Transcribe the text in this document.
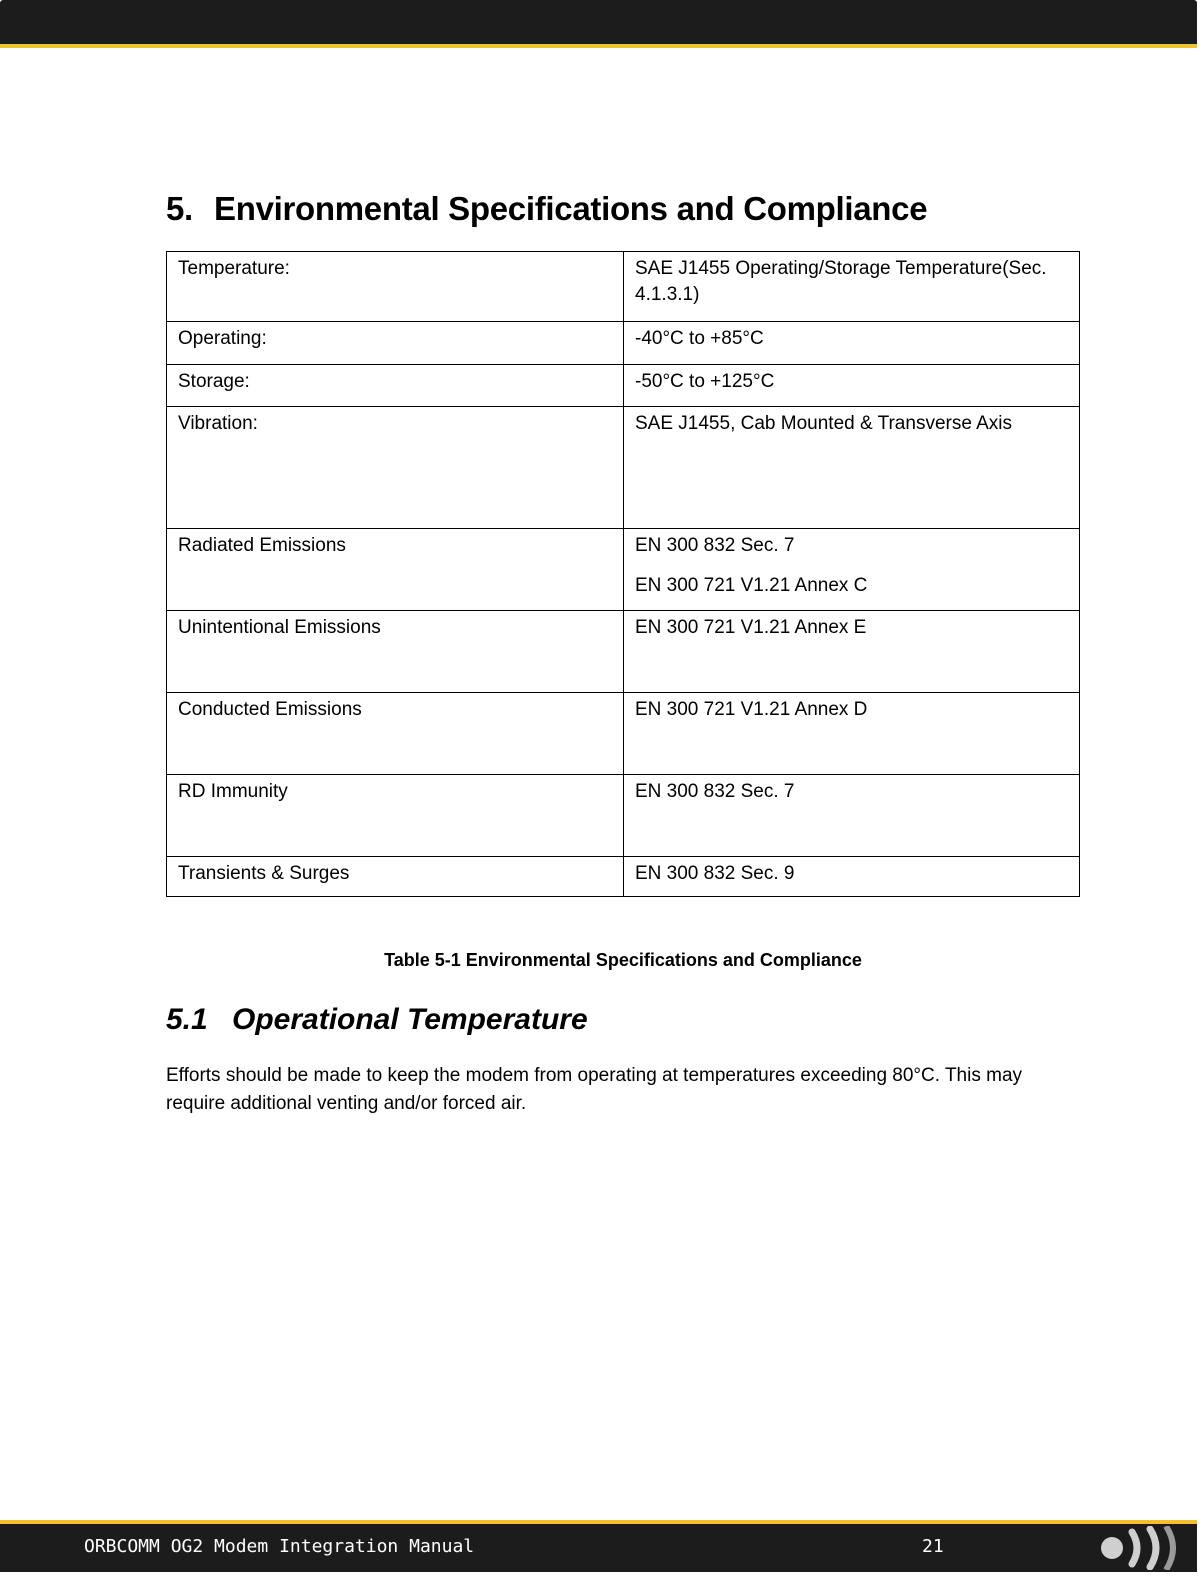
5. Environmental Specifications and Compliance
Temperature:	SAE J1455 Operating/Storage Temperature(Sec. 4.1.3.1)

Operating:	-40°C to +85°C

Storage:	-50°C to +125°C

Vibration:	SAE J1455, Cab Mounted & Transverse Axis

Radiated Emissions	EN 300 832 Sec. 7

EN 300 721 V1.21 Annex C

Unintentional Emissions	EN 300 721 V1.21 Annex E

Conducted Emissions	EN 300 721 V1.21 Annex D

RD Immunity	EN 300 832 Sec. 7

Transients & Surges	EN 300 832 Sec. 9

Table 5-1 Environmental Specifications and Compliance
5.1 Operational Temperature

Efforts should be made to keep the modem from operating at temperatures exceeding 80°C. This may require additional venting and/or forced air.

ORBCOMM OG2 Modem Integration Manual	21
